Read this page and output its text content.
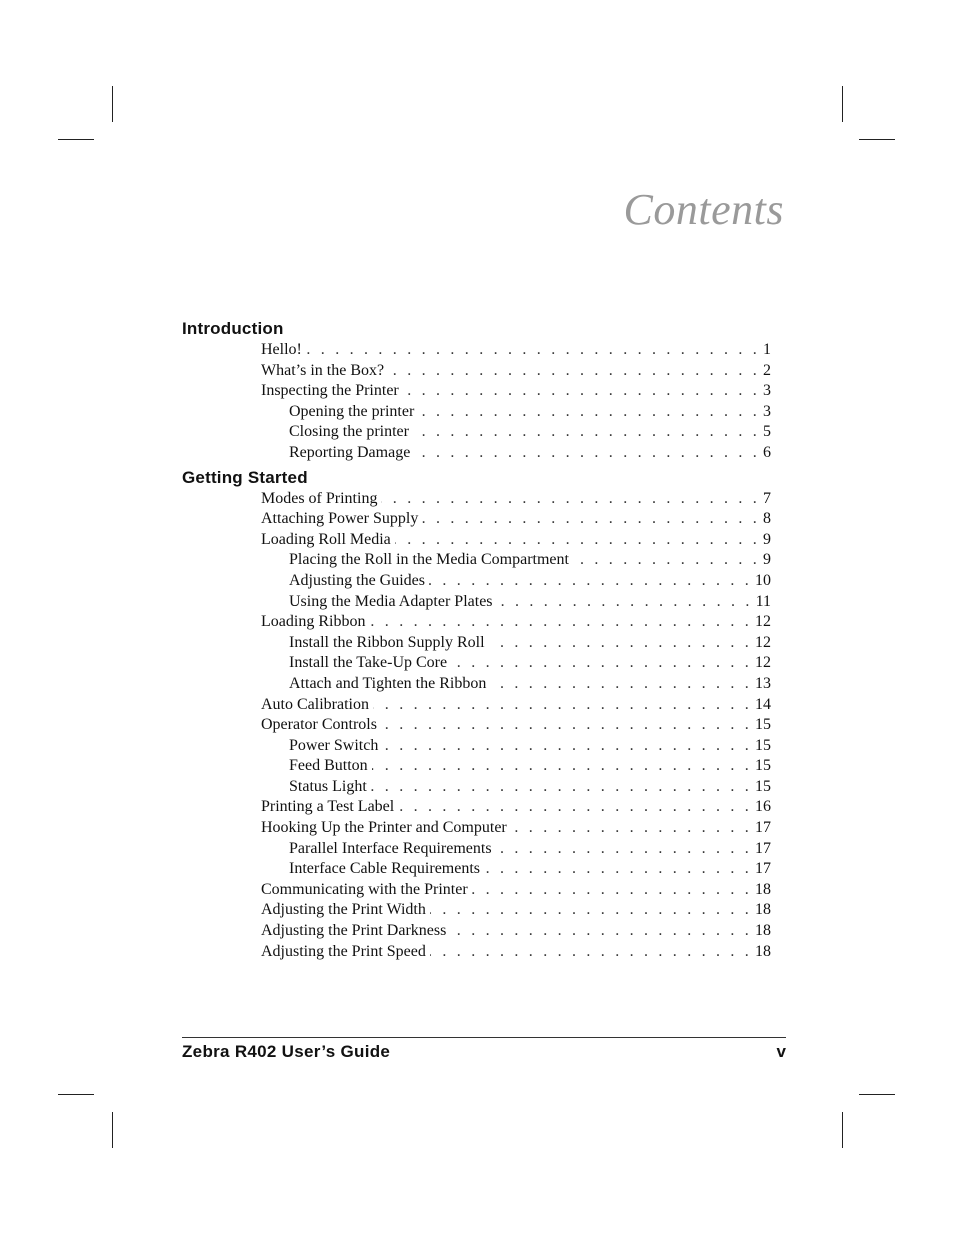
Contents
Introduction
Hello! . . .	1
What’s in the Box? . . .	2
Inspecting the Printer . . .	3
Opening the printer . . .	3
Closing the printer . . .	5
Reporting Damage . . .	6
Getting Started
Modes of Printing . . .	7
Attaching Power Supply . . .	8
Loading Roll Media . . .	9
Placing the Roll in the Media Compartment . . .	9
Adjusting the Guides . . .	10
Using the Media Adapter Plates . . .	11
Loading Ribbon . . .	12
Install the Ribbon Supply Roll . . .	12
Install the Take-Up Core . . .	12
Attach and Tighten the Ribbon . . .	13
Auto Calibration . . .	14
Operator Controls . . .	15
Power Switch . . .	15
Feed Button . . .	15
Status Light . . .	15
Printing a Test Label . . .	16
Hooking Up the Printer and Computer . . .	17
Parallel Interface Requirements . . .	17
Interface Cable Requirements . . .	17
Communicating with the Printer . . .	18
Adjusting the Print Width . . .	18
Adjusting the Print Darkness . . .	18
Adjusting the Print Speed . . .	18
Zebra R402 User’s Guide	v
